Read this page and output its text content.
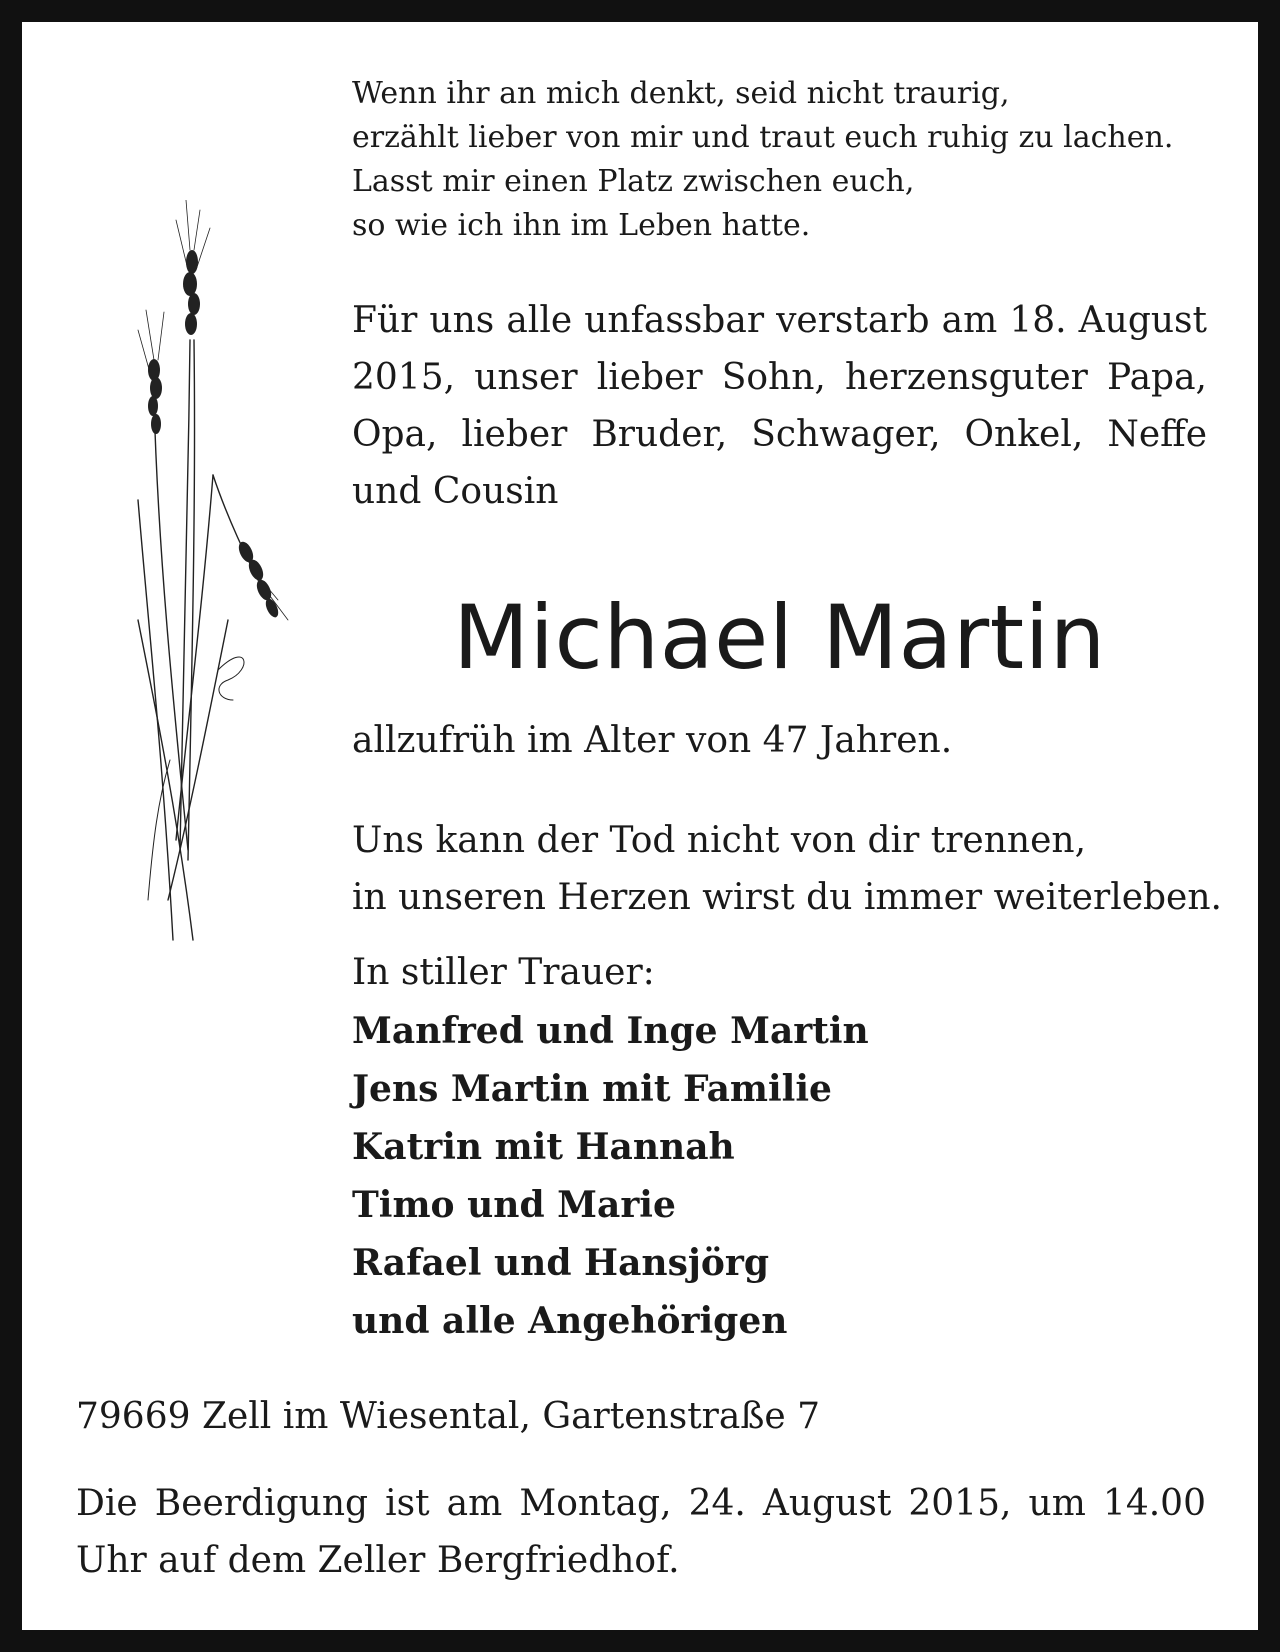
Wenn ihr an mich denkt, seid nicht traurig,
erzählt lieber von mir und traut euch ruhig zu lachen.
Lasst mir einen Platz zwischen euch,
so wie ich ihn im Leben hatte.
Für uns alle unfassbar verstarb am 18. August 2015, unser lieber Sohn, herzensguter Papa, Opa, lieber Bruder, Schwager, Onkel, Neffe und Cousin
Michael Martin
allzufrüh im Alter von 47 Jahren.
Uns kann der Tod nicht von dir trennen,
in unseren Herzen wirst du immer weiterleben.
In stiller Trauer:
Manfred und Inge Martin
Jens Martin mit Familie
Katrin mit Hannah
Timo und Marie
Rafael und Hansjörg
und alle Angehörigen
79669 Zell im Wiesental, Gartenstraße 7
Die Beerdigung ist am Montag, 24. August 2015, um 14.00 Uhr auf dem Zeller Bergfriedhof.
